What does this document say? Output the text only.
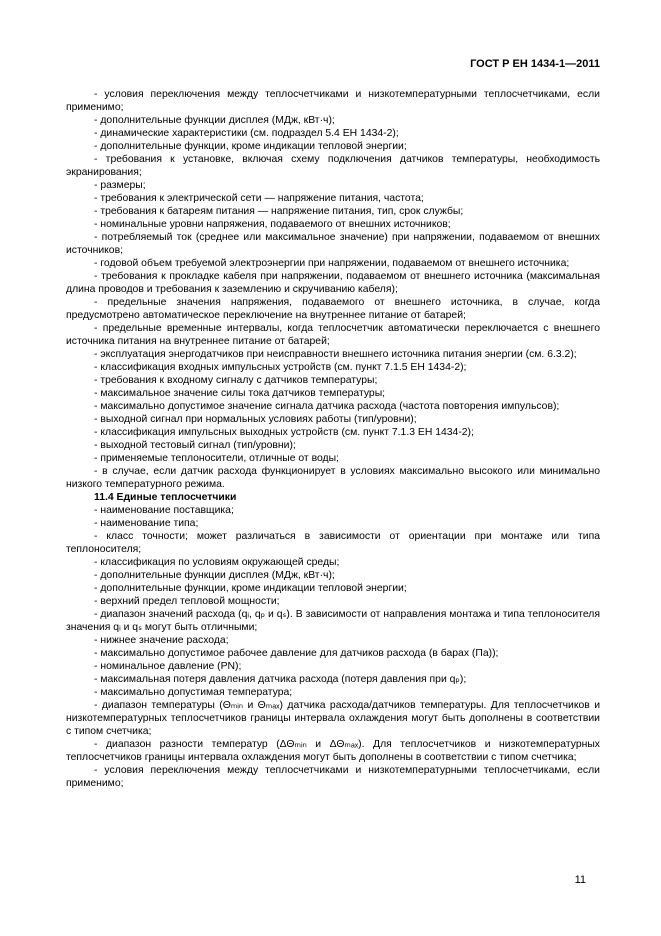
ГОСТ Р ЕН 1434-1—2011

- условия переключения между теплосчетчиками и низкотемпературными теплосчетчиками, если применимо;

- дополнительные функции дисплея (МДж, кВт·ч);

- динамические характеристики (см. подраздел 5.4 ЕН 1434-2);

- дополнительные функции, кроме индикации тепловой энергии;

- требования к установке, включая схему подключения датчиков температуры, необходимость экранирования;

- размеры;

- требования к электрической сети — напряжение питания, частота;

- требования к батареям питания — напряжение питания, тип, срок службы;

- номинальные уровни напряжения, подаваемого от внешних источников;

- потребляемый ток (среднее или максимальное значение) при напряжении, подаваемом от внешних источников;

- годовой объем требуемой электроэнергии при напряжении, подаваемом от внешнего источника;

- требования к прокладке кабеля при напряжении, подаваемом от внешнего источника (максимальная длина проводов и требования к заземлению и скручиванию кабеля);

- предельные значения напряжения, подаваемого от внешнего источника, в случае, когда предусмотрено автоматическое переключение на внутреннее питание от батарей;

- предельные временные интервалы, когда теплосчетчик автоматически переключается с внешнего источника питания на внутреннее питание от батарей;

- эксплуатация энергодатчиков при неисправности внешнего источника питания энергии (см. 6.3.2);

- классификация входных импульсных устройств (см. пункт 7.1.5 ЕН 1434-2);

- требования к входному сигналу с датчиков температуры;

- максимальное значение силы тока датчиков температуры;

- максимально допустимое значение сигнала датчика расхода (частота повторения импульсов);

- выходной сигнал при нормальных условиях работы (тип/уровни);

- классификация импульсных выходных устройств (см. пункт 7.1.3 ЕН 1434-2);

- выходной тестовый сигнал (тип/уровни);

- применяемые теплоносители, отличные от воды;

- в случае, если датчик расхода функционирует в условиях максимально высокого или минимально низкого температурного режима.

11.4 Единые теплосчетчики

- наименование поставщика;

- наименование типа;

- класс точности; может различаться в зависимости от ориентации при монтаже или типа теплоносителя;

- классификация по условиям окружающей среды;

- дополнительные функции дисплея (МДж, кВт·ч);

- дополнительные функции, кроме индикации тепловой энергии;

- верхний предел тепловой мощности;

- диапазон значений расхода (qᵢ, qₚ и qₛ). В зависимости от направления монтажа и типа теплоносителя значения qᵢ и qₛ могут быть отличными;

- нижнее значение расхода;

- максимально допустимое рабочее давление для датчиков расхода (в барах (Па));

- номинальное давление (PN);

- максимальная потеря давления датчика расхода (потеря давления при qₚ);

- максимально допустимая температура;

- диапазон температуры (Θₘᵢₙ и Θₘₐₓ) датчика расхода/датчиков температуры. Для теплосчетчиков и низкотемпературных теплосчетчиков границы интервала охлаждения могут быть дополнены в соответствии с типом счетчика;

- диапазон разности температур (ΔΘₘᵢₙ и ΔΘₘₐₓ). Для теплосчетчиков и низкотемпературных теплосчетчиков границы интервала охлаждения могут быть дополнены в соответствии с типом счетчика;

- условия переключения между теплосчетчиками и низкотемпературными теплосчетчиками, если применимо;

11
